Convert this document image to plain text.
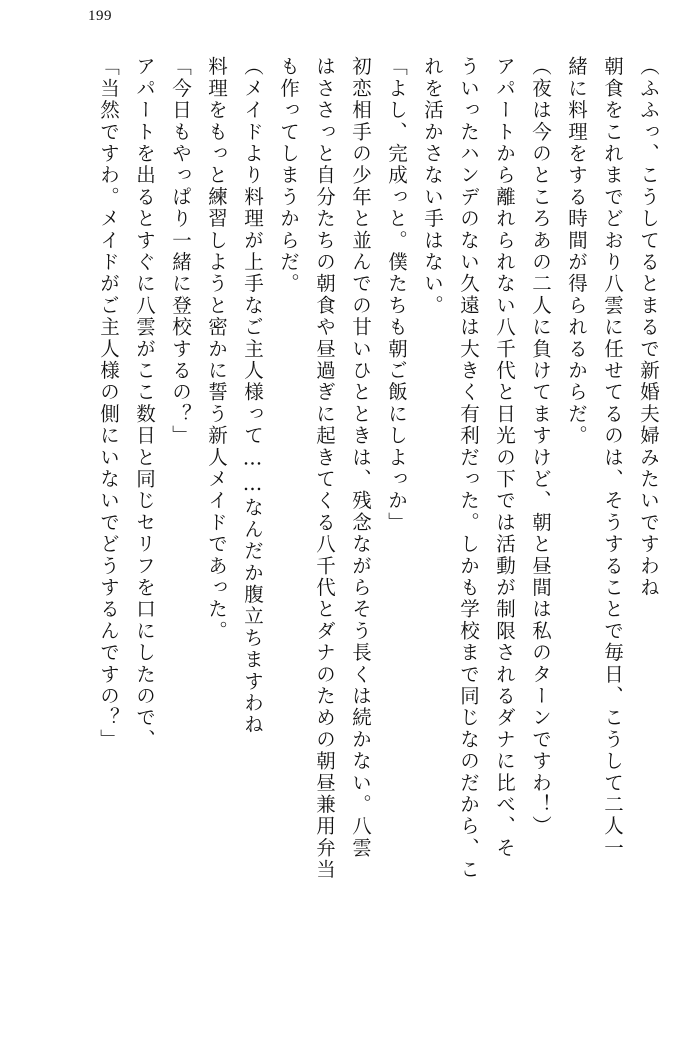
199
（ふふっ、こうしてるとまるで新婚夫婦みたいですわね
朝食をこれまでどおり八雲に任せてるのは、そうすることで毎日、こうして二人一
緒に料理をする時間が得られるからだ。
（夜は今のところあの二人に負けてますけど、朝と昼間は私のターンですわ！）
アパートから離れられない八千代と日光の下では活動が制限されるダナに比べ、そ
ういったハンデのない久遠は大きく有利だった。しかも学校まで同じなのだから、こ
れを活かさない手はない。
「よし、完成っと。僕たちも朝ご飯にしよっか」
初恋相手の少年と並んでの甘いひとときは、残念ながらそう長くは続かない。八雲
はささっと自分たちの朝食や昼過ぎに起きてくる八千代とダナのための朝昼兼用弁当
も作ってしまうからだ。
（メイドより料理が上手なご主人様って……なんだか腹立ちますわね
料理をもっと練習しようと密かに誓う新人メイドであった。
「今日もやっぱり一緒に登校するの？」
アパートを出るとすぐに八雲がここ数日と同じセリフを口にしたので、
「当然ですわ。メイドがご主人様の側にいないでどうするんですの？」
